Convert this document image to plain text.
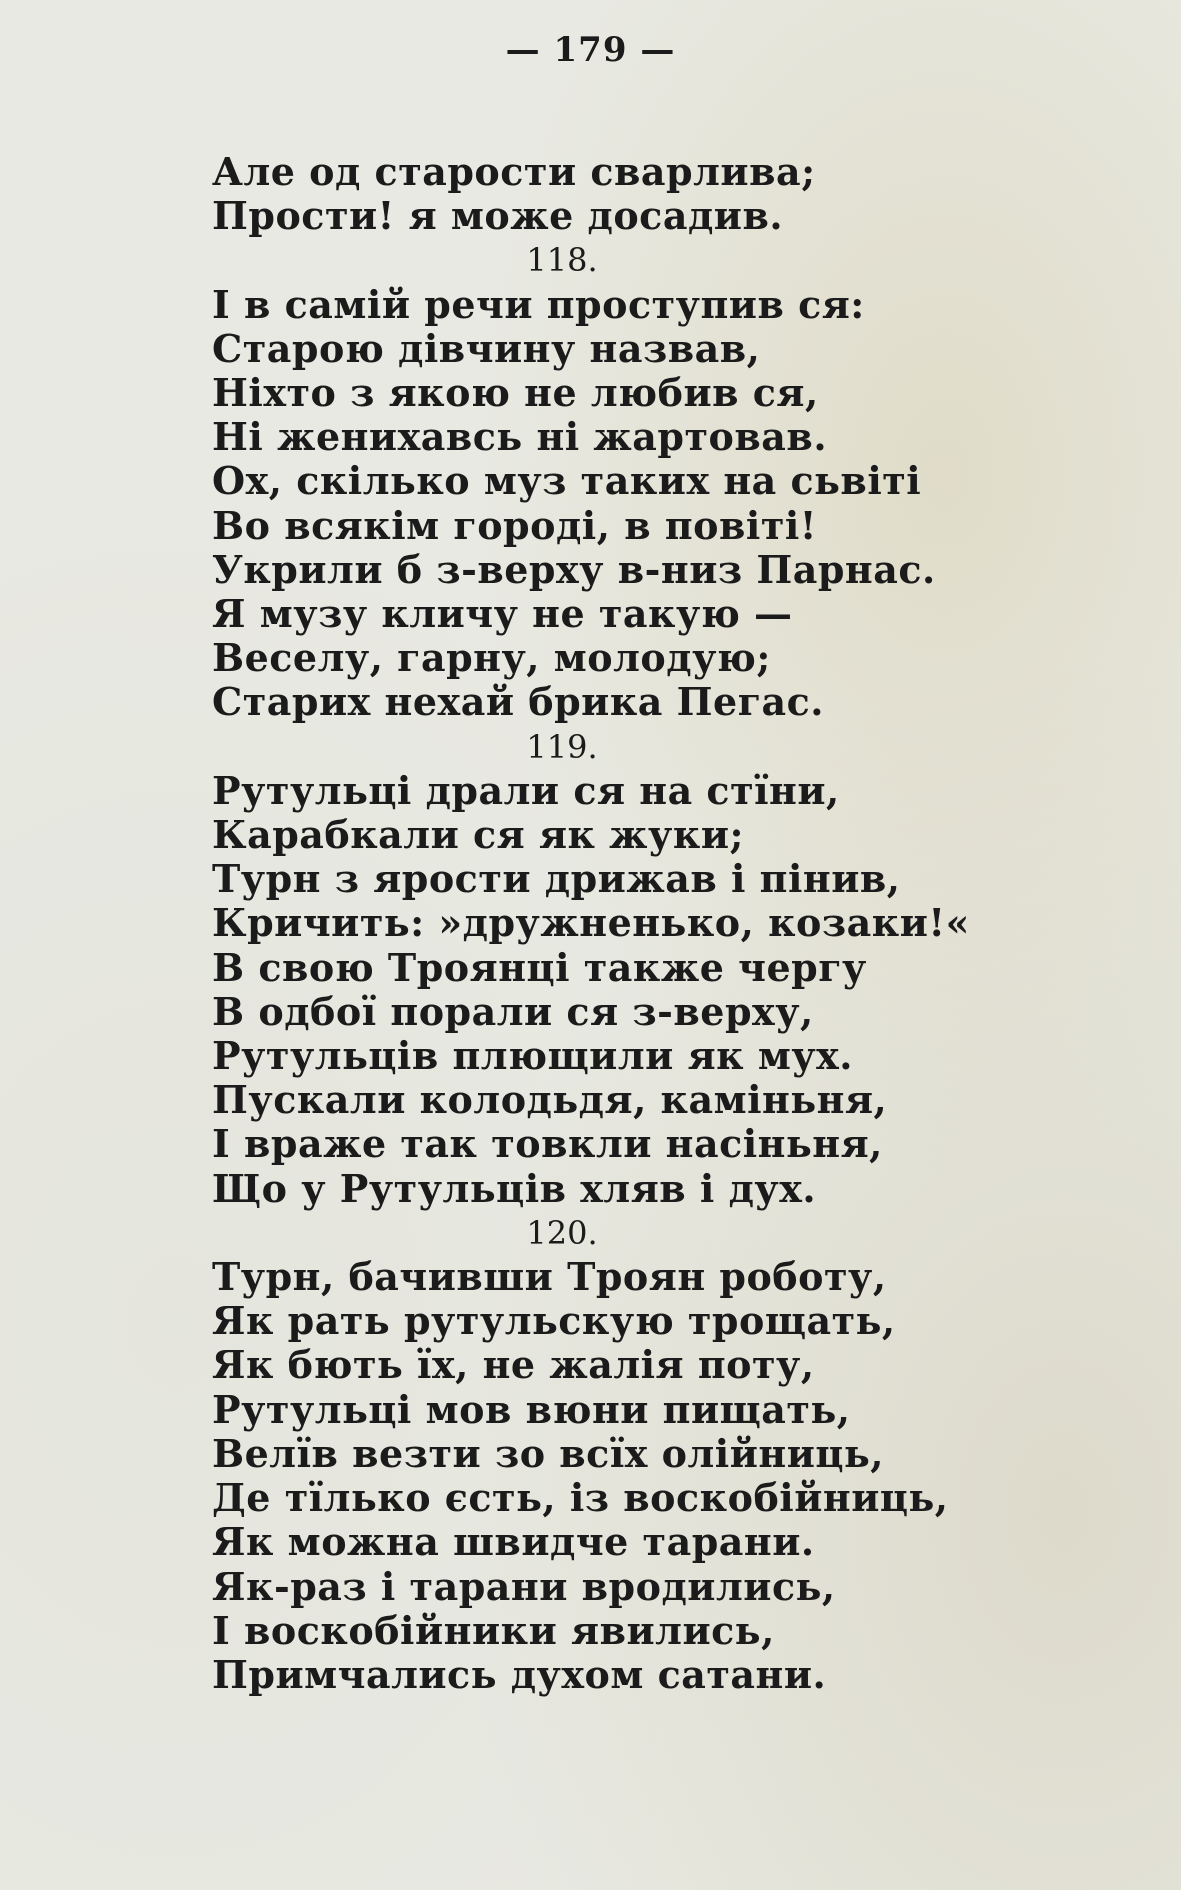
— 179 —
Але од старости сварлива;
Прости! я може досадив.
118.
І в самій речи проступив ся:
Старою дівчину назвав,
Ніхто з якою не любив ся,
Ні женихавсь ні жартовав.
Ох, скілько муз таких на сьвіті
Во всякім городі, в повіті!
Укрили б з-верху в-низ Парнас.
Я музу кличу не такую —
Веселу, гарну, молодую;
Старих нехай брика Пегас.
119.
Рутульці драли ся на стїни,
Карабкали ся як жуки;
Турн з ярости дрижав і пінив,
Кричить: »дружненько, козаки!«
В свою Троянці также чергу
В одбої порали ся з-верху,
Рутульців плющили як мух.
Пускали колодьдя, каміньня,
І враже так товкли насіньня,
Що у Рутульців хляв і дух.
120.
Турн, бачивши Троян роботу,
Як рать рутульскую трощать,
Як бють їх, не жалія поту,
Рутульці мов вюни пищать,
Велїв везти зо всїх олійниць,
Де тїлько єсть, із воскобійниць,
Як можна швидче тарани.
Як-раз і тарани вродились,
І воскобійники явились,
Примчались духом сатани.
